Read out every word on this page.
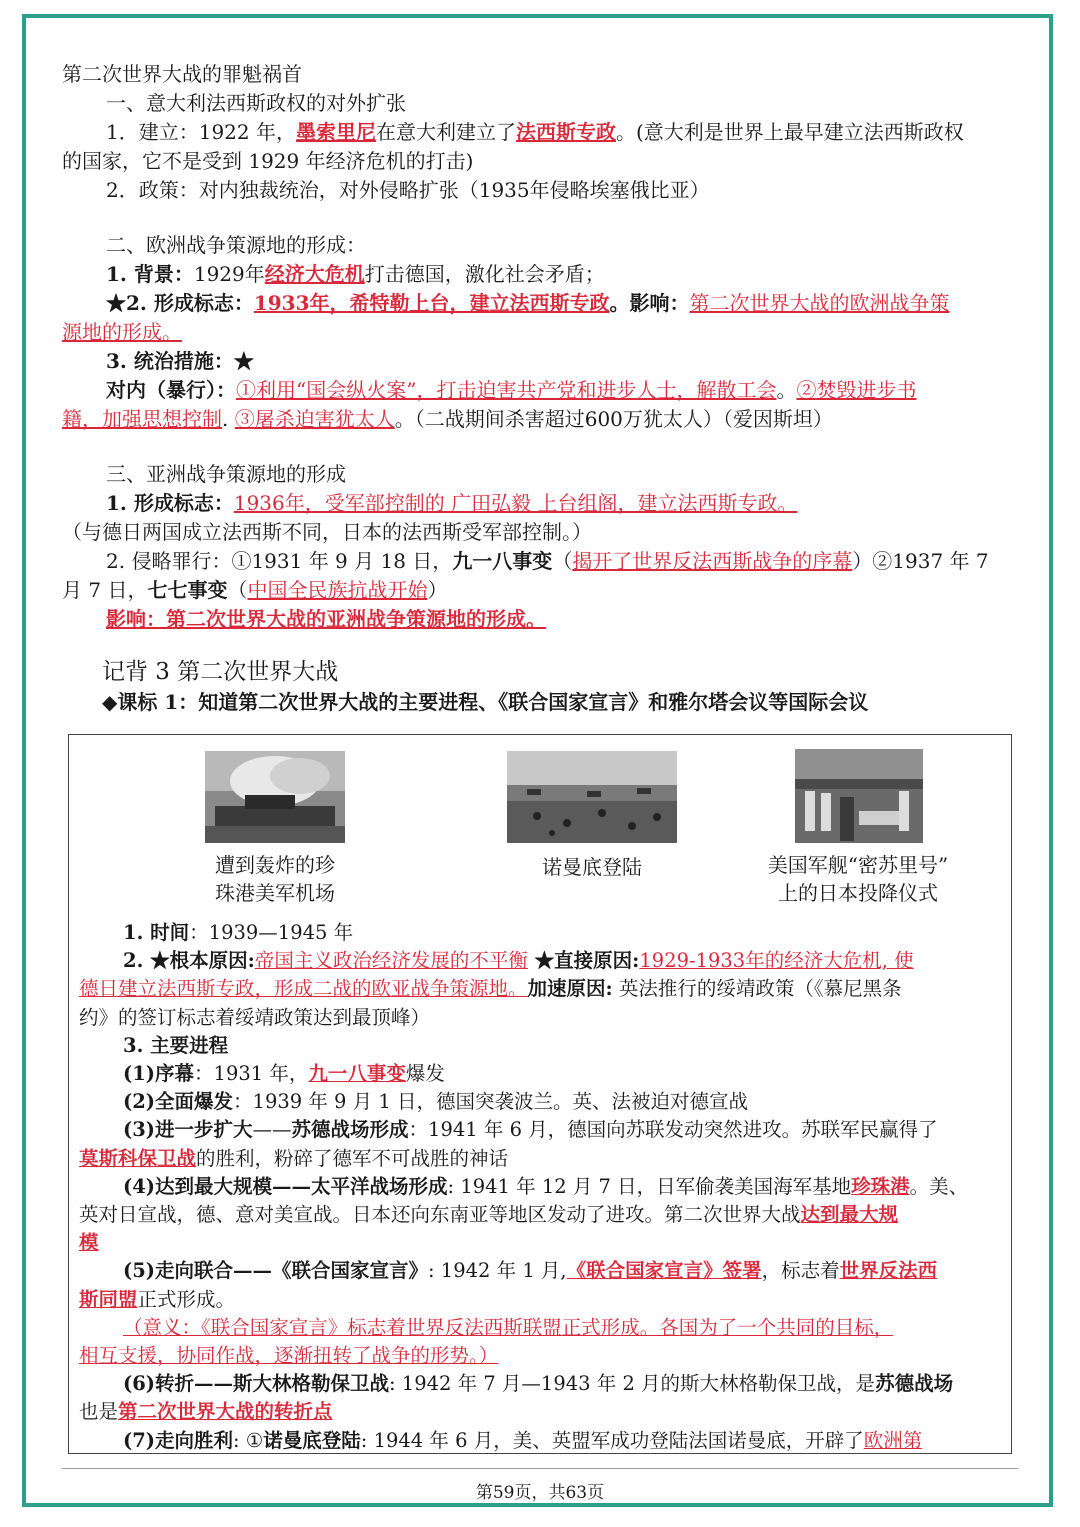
第二次世界大战的罪魁祸首
一、意大利法西斯政权的对外扩张
1．建立：1922 年，墨索里尼在意大利建立了法西斯专政。(意大利是世界上最早建立法西斯政权
的国家，它不是受到 1929 年经济危机的打击)
2．政策：对内独裁统治，对外侵略扩张（1935年侵略埃塞俄比亚）
二、欧洲战争策源地的形成：
1. 背景：1929年经济大危机打击德国，激化社会矛盾；
★2. 形成标志：1933年，希特勒上台，建立法西斯专政。影响：第二次世界大战的欧洲战争策
源地的形成。
3. 统治措施：★
对内（暴行）：①利用“国会纵火案”，打击迫害共产党和进步人士，解散工会。②焚毁进步书
籍，加强思想控制. ③屠杀迫害犹太人。（二战期间杀害超过600万犹太人）（爱因斯坦）
三、亚洲战争策源地的形成
1. 形成标志：1936年，受军部控制的 广田弘毅 上台组阁，建立法西斯专政。
（与德日两国成立法西斯不同，日本的法西斯受军部控制。）
2. 侵略罪行：①1931 年 9 月 18 日，九一八事变（揭开了世界反法西斯战争的序幕）②1937 年 7
月 7 日，七七事变（中国全民族抗战开始）
影响：第二次世界大战的亚洲战争策源地的形成。
记背 3 第二次世界大战
◆课标 1：知道第二次世界大战的主要进程、《联合国家宣言》和雅尔塔会议等国际会议
遭到轰炸的珍
珠港美军机场
诺曼底登陆	美国军舰“密苏里号”
上的日本投降仪式
1. 时间：1939—1945 年
2. ★根本原因:帝国主义政治经济发展的不平衡 ★直接原因:1929-1933年的经济大危机, 使
德日建立法西斯专政，形成二战的欧亚战争策源地。加速原因: 英法推行的绥靖政策（《慕尼黑条
约》的签订标志着绥靖政策达到最顶峰）
3. 主要进程
(1)序幕：1931 年，九一八事变爆发
(2)全面爆发：1939 年 9 月 1 日，德国突袭波兰。英、法被迫对德宣战
(3)进一步扩大——苏德战场形成：1941 年 6 月，德国向苏联发动突然进攻。苏联军民赢得了
莫斯科保卫战的胜利，粉碎了德军不可战胜的神话
(4)达到最大规模——太平洋战场形成: 1941 年 12 月 7 日，日军偷袭美国海军基地珍珠港。美、
英对日宣战，德、意对美宣战。日本还向东南亚等地区发动了进攻。第二次世界大战达到最大规
模
(5)走向联合——《联合国家宣言》: 1942 年 1 月,《联合国家宣言》签署，标志着世界反法西
斯同盟正式形成。
（意义：《联合国家宣言》标志着世界反法西斯联盟正式形成。各国为了一个共同的目标，
相互支援，协同作战，逐渐扭转了战争的形势。）
(6)转折——斯大林格勒保卫战: 1942 年 7 月—1943 年 2 月的斯大林格勒保卫战，是苏德战场
也是第二次世界大战的转折点
(7)走向胜利: ①诺曼底登陆: 1944 年 6 月，美、英盟军成功登陆法国诺曼底，开辟了欧洲第
第59页，共63页
